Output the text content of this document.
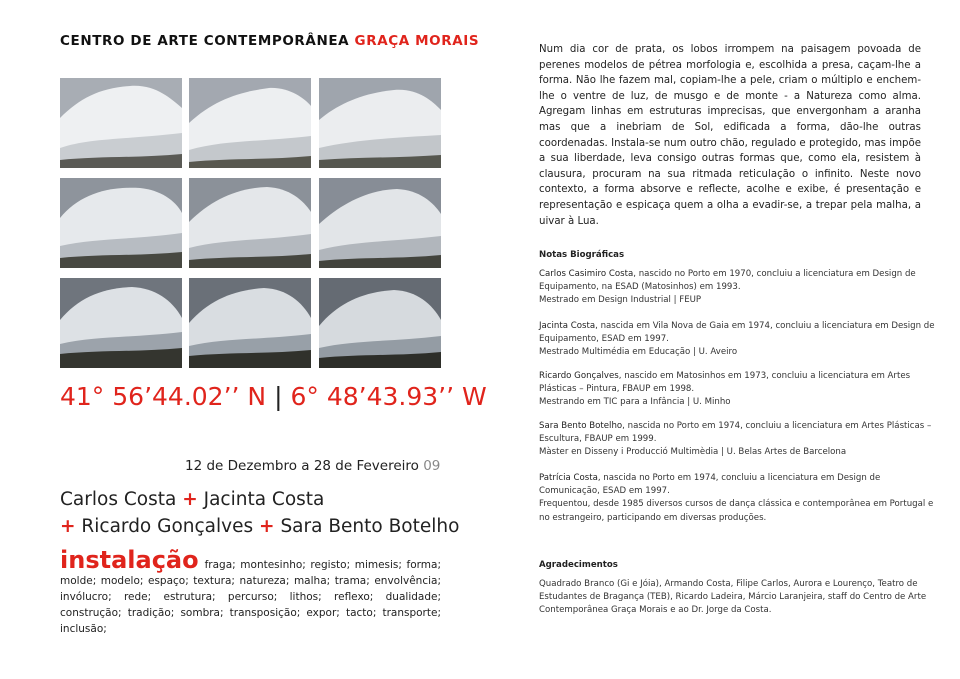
CENTRO DE ARTE CONTEMPORÂNEA GRAÇA MORAIS
41° 56’44.02’’ N | 6° 48’43.93’’ W
12 de Dezembro a 28 de Fevereiro 09
Carlos Costa + Jacinta Costa
+ Ricardo Gonçalves + Sara Bento Botelho
instalação fraga; montesinho; registo; mimesis; forma; molde; modelo; espaço; textura; natureza; malha; trama; envolvência; invólucro; rede; estrutura; percurso; lithos; reflexo; dualidade; construção; tradição; sombra; transposição; expor; tacto; transporte; inclusão;
Num dia cor de prata, os lobos irrompem na paisagem povoada de perenes modelos de pétrea morfologia e, escolhida a presa, caçam-lhe a forma. Não lhe fazem mal, copiam-lhe a pele, criam o múltiplo e enchem-lhe o ventre de luz, de musgo e de monte - a Natureza como alma. Agregam linhas em estruturas imprecisas, que envergonham a aranha mas que a inebriam de Sol, edificada a forma, dão-lhe outras coordenadas. Instala-se num outro chão, regulado e protegido, mas impõe a sua liberdade, leva consigo outras formas que, como ela, resistem à clausura, procuram na sua ritmada reticulação o infinito. Neste novo contexto, a forma absorve e reflecte, acolhe e exibe, é presentação e representação e espicaça quem a olha a evadir-se, a trepar pela malha, a uivar à Lua.
Notas Biográficas

Carlos Casimiro Costa, nascido no Porto em 1970, concluiu a licenciatura em Design de Equipamento, na ESAD (Matosinhos) em 1993.

Mestrado em Design Industrial | FEUP

Jacinta Costa, nascida em Vila Nova de Gaia em 1974, concluiu a licenciatura em Design de Equipamento, ESAD em 1997.

Mestrado Multimédia em Educação | U. Aveiro

Ricardo Gonçalves, nascido em Matosinhos em 1973, concluiu a licenciatura em Artes Plásticas – Pintura, FBAUP em 1998.

Mestrando em TIC para a Infância | U. Minho

Sara Bento Botelho, nascida no Porto em 1974, concluiu a licenciatura em Artes Plásticas – Escultura, FBAUP em 1999.

Màster en Disseny i Producció Multimèdia | U. Belas Artes de Barcelona

Patrícia Costa, nascida no Porto em 1974, concluiu a licenciatura em Design de Comunicação, ESAD em 1997.

Frequentou, desde 1985 diversos cursos de dança clássica e contemporânea em Portugal e no estrangeiro, participando em diversas produções.

Agradecimentos
Quadrado Branco (Gi e Jóia), Armando Costa, Filipe Carlos, Aurora e Lourenço, Teatro de Estudantes de Bragança (TEB), Ricardo Ladeira, Márcio Laranjeira, staff do Centro de Arte Contemporânea Graça Morais e ao Dr. Jorge da Costa.
